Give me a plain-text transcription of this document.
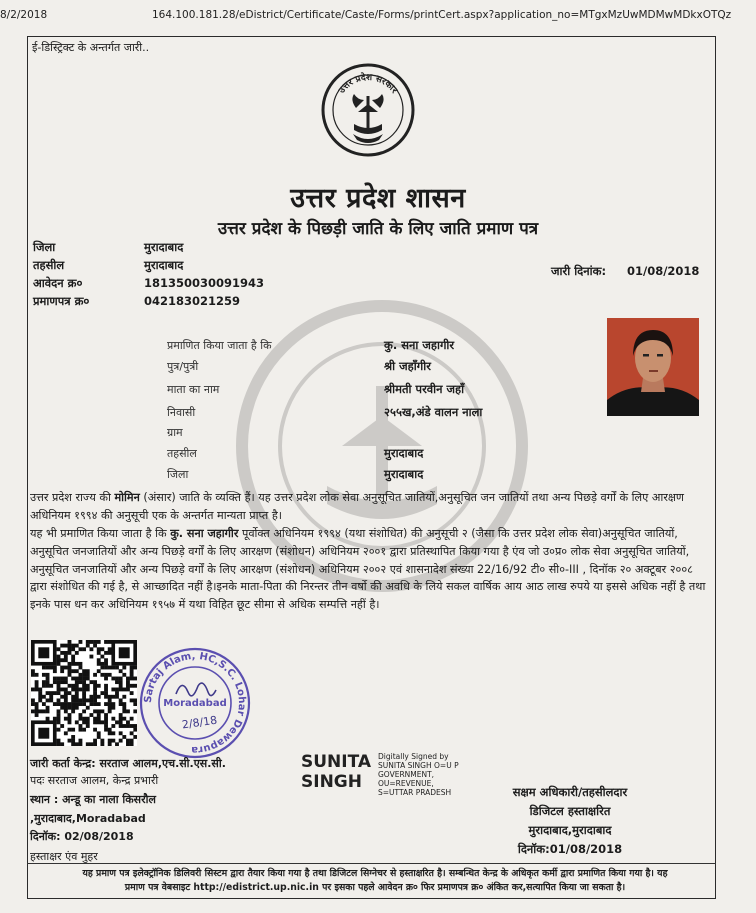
8/2/2018	164.100.181.28/eDistrict/Certificate/Caste/Forms/printCert.aspx?application_no=MTgxMzUwMDMwMDkxOTQz
ई-डिस्ट्रिक्ट के अन्तर्गत जारी..
उत्तर प्रदेश सरकार
उत्तर प्रदेश शासन
उत्तर प्रदेश के पिछड़ी जाति के लिए जाति प्रमाण पत्र
जिला	मुरादाबाद
तहसील	मुरादाबाद
आवेदन क्र०	181350030091943
प्रमाणपत्र क्र०	042183021259
जारी दिनांक: 01/08/2018
प्रमाणित किया जाता है कि	कु. सना जहागीर
पुत्र/पुत्री	श्री जहाँगीर
माता का नाम	श्रीमती परवीन जहाँ
निवासी	२५५ख,अंडे वालन नाला
ग्राम
तहसील	मुरादाबाद
जिला	मुरादाबाद
उत्तर प्रदेश राज्य की मोमिन (अंसार) जाति के व्यक्ति हैं। यह उत्तर प्रदेश लोक सेवा अनुसूचित जातियों,अनुसूचित जन जातियों तथा अन्य पिछड़े वर्गों के लिए आरक्षण अधिनियम १९९४ की अनुसूची एक के अन्तर्गत मान्यता प्राप्त है।
यह भी प्रमाणित किया जाता है कि कु. सना जहागीर पूर्वोक्त अधिनियम १९९४ (यथा संशोधित) की अनुसूची २ (जैसा कि उत्तर प्रदेश लोक सेवा)अनुसूचित जातियों, अनुसूचित जनजातियों और अन्य पिछड़े वर्गों के लिए आरक्षण (संशोधन) अधिनियम २००१ द्वारा प्रतिस्थापित किया गया है एंव जो उ०प्र० लोक सेवा अनुसूचित जातियों, अनुसूचित जनजातियों और अन्य पिछड़े वर्गों के लिए आरक्षण (संशोधन) अधिनियम २००२ एवं शासनादेश संख्या 22/16/92 टी० सी०-III , दिनॉक २० अक्टूबर २००८ द्वारा संशोधित की गई है, से आच्छादित नहीं है।इनके माता-पिता की निरन्तर तीन वर्षो की अवधि के लिये सकल वार्षिक आय आठ लाख रुपये या इससे अधिक नहीं है तथा इनके पास धन कर अधिनियम १९५७ में यथा विहित छूट सीमा से अधिक सम्पत्ति नहीं है।
Sartaj Alam, HC,S.C. Lohar Dewapura
Moradabad
2/8/18
जारी कर्ता केन्द्र: सरताज आलम,एच.सी.एस.सी.
पदः सरताज आलम, केन्द्र प्रभारी
स्थान : अन्डू का नाला किसरौल
,मुरादाबाद,Moradabad
दिनॉक: 02/08/2018
हस्ताक्षर एंव मुहर
SUNITA
SINGH
Digitally Signed by
SUNITA SINGH O=U P
GOVERNMENT,
OU=REVENUE,
S=UTTAR PRADESH	सक्षम अधिकारी/तहसीलदार
डिजिटल हस्ताक्षरित
मुरादाबाद,मुरादाबाद
दिनॉक:01/08/2018
यह प्रमाण पत्र इलेक्ट्रॉनिक डिलिवरी सिस्टम द्वारा तैयार किया गया है तथा डिजिटल सिग्नेचर से हस्ताक्षरित है। सम्बन्धित केन्द्र के अधिकृत कर्मी द्वारा प्रमाणित किया गया है। यह
प्रमाण पत्र वेबसाइट http://edistrict.up.nic.in पर इसका पहले आवेदन क्र० फिर प्रमाणपत्र क्र० अंकित कर,सत्यापित किया जा सकता है।
